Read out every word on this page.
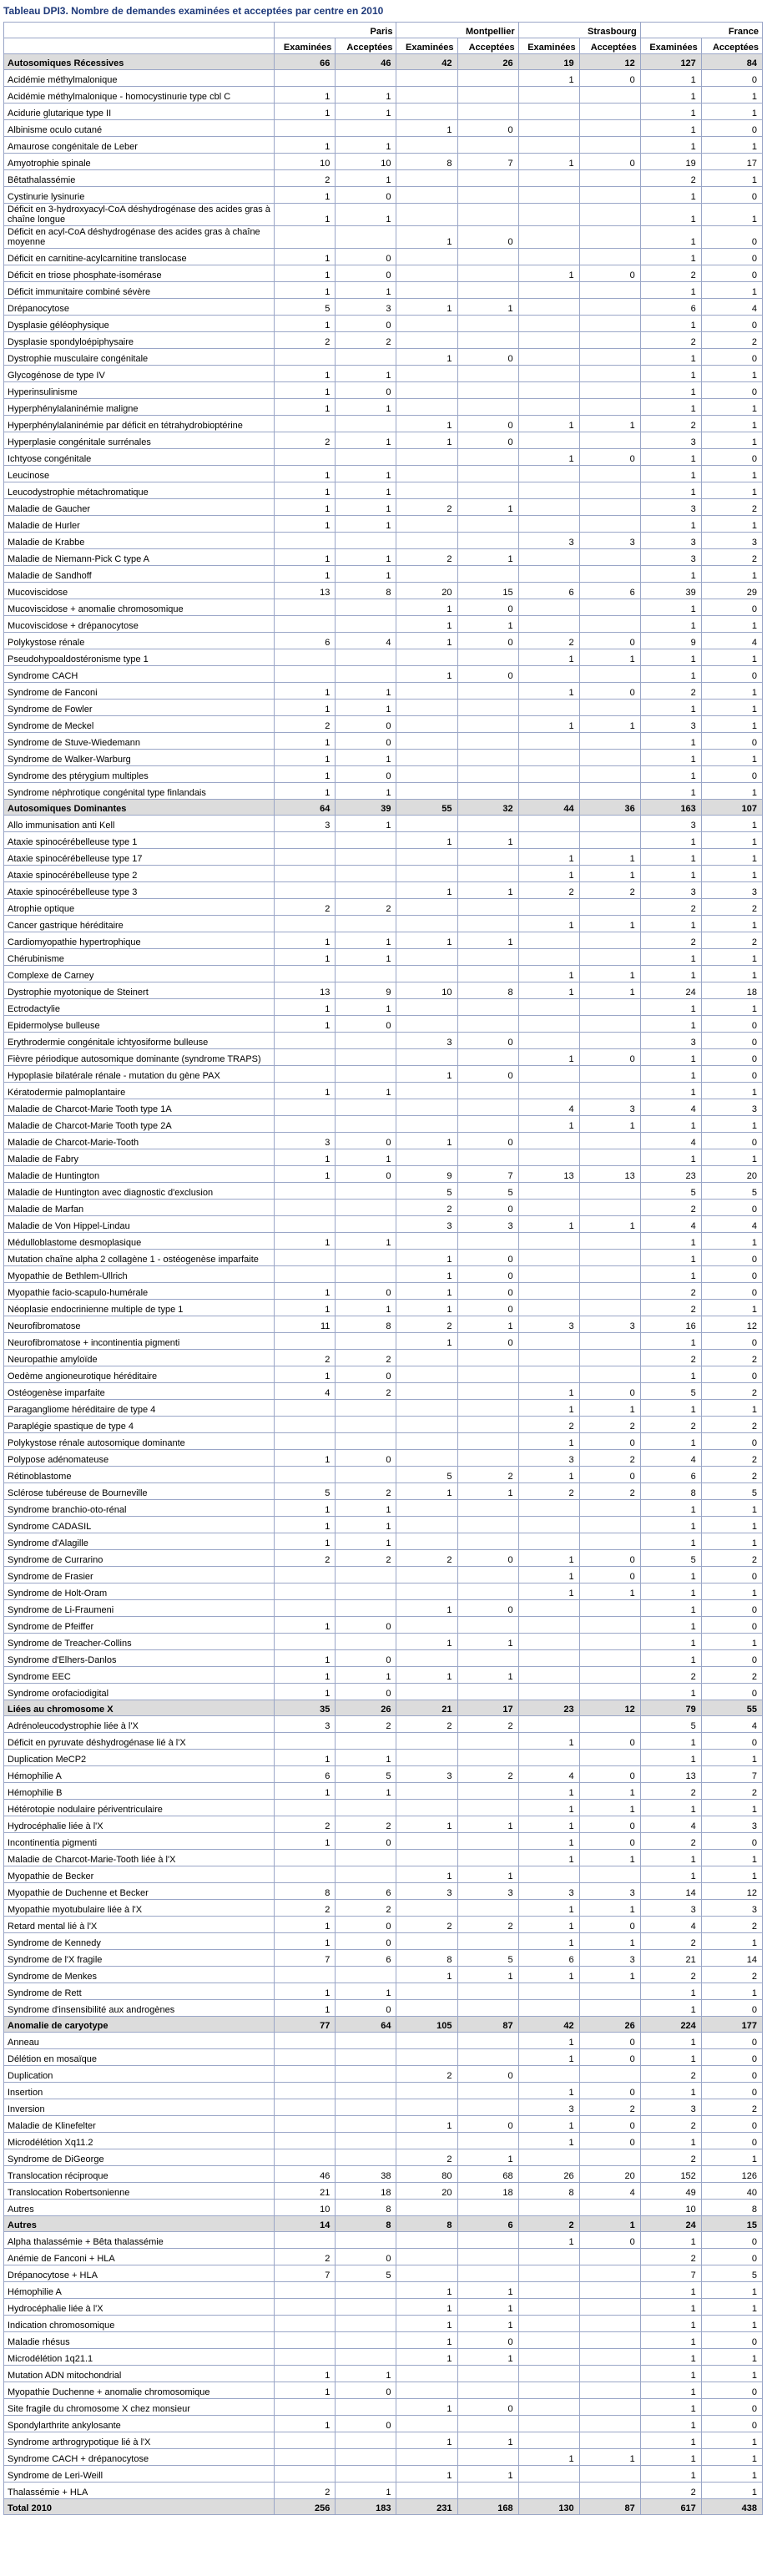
Tableau DPI3. Nombre de demandes examinées et acceptées par centre en 2010
	Paris		Montpellier		Strasbourg		France	
	Examinées	Acceptées	Examinées	Acceptées	Examinées	Acceptées	Examinées	Acceptées
Autosomiques Récessives	66	46	42	26	19	12	127	84
Acidémie méthylmalonique					1	0	1	0
Acidémie méthylmalonique - homocystinurie type cbl C	1	1					1	1
Acidurie glutarique type II	1	1					1	1
Albinisme oculo cutané			1	0			1	0
Amaurose congénitale de Leber	1	1					1	1
Amyotrophie spinale	10	10	8	7	1	0	19	17
Bêtathalassémie	2	1					2	1
Cystinurie lysinurie	1	0					1	0
Déficit en 3-hydroxyacyl-CoA déshydrogénase des acides gras à chaîne longue	1	1					1	1
Déficit en acyl-CoA déshydrogénase des acides gras à chaîne moyenne			1	0			1	0
Déficit en carnitine-acylcarnitine translocase	1	0					1	0
Déficit en triose phosphate-isomérase	1	0			1	0	2	0
Déficit immunitaire combiné sévère	1	1					1	1
Drépanocytose	5	3	1	1			6	4
Dysplasie géléophysique	1	0					1	0
Dysplasie spondyloépiphysaire	2	2					2	2
Dystrophie musculaire congénitale			1	0			1	0
Glycogénose de type IV	1	1					1	1
Hyperinsulinisme	1	0					1	0
Hyperphénylalaninémie maligne	1	1					1	1
Hyperphénylalaninémie par déficit en tétrahydrobioptérine			1	0	1	1	2	1
Hyperplasie congénitale surrénales	2	1	1	0			3	1
Ichtyose congénitale					1	0	1	0
Leucinose	1	1					1	1
Leucodystrophie métachromatique	1	1					1	1
Maladie de Gaucher	1	1	2	1			3	2
Maladie de Hurler	1	1					1	1
Maladie de Krabbe					3	3	3	3
Maladie de Niemann-Pick C type A	1	1	2	1			3	2
Maladie de Sandhoff	1	1					1	1
Mucoviscidose	13	8	20	15	6	6	39	29
Mucoviscidose + anomalie chromosomique			1	0			1	0
Mucoviscidose + drépanocytose			1	1			1	1
Polykystose rénale	6	4	1	0	2	0	9	4
Pseudohypoaldostéronisme type 1					1	1	1	1
Syndrome CACH			1	0			1	0
Syndrome de Fanconi	1	1			1	0	2	1
Syndrome de Fowler	1	1					1	1
Syndrome de Meckel	2	0			1	1	3	1
Syndrome de Stuve-Wiedemann	1	0					1	0
Syndrome de Walker-Warburg	1	1					1	1
Syndrome des ptérygium multiples	1	0					1	0
Syndrome néphrotique congénital type finlandais	1	1					1	1
Autosomiques Dominantes	64	39	55	32	44	36	163	107
Allo immunisation anti Kell	3	1					3	1
Ataxie spinocérébelleuse type 1			1	1			1	1
Ataxie spinocérébelleuse type 17					1	1	1	1
Ataxie spinocérébelleuse type 2					1	1	1	1
Ataxie spinocérébelleuse type 3			1	1	2	2	3	3
Atrophie optique	2	2					2	2
Cancer gastrique héréditaire					1	1	1	1
Cardiomyopathie hypertrophique	1	1	1	1			2	2
Chérubinisme	1	1					1	1
Complexe de Carney					1	1	1	1
Dystrophie myotonique de Steinert	13	9	10	8	1	1	24	18
Ectrodactylie	1	1					1	1
Epidermolyse bulleuse	1	0					1	0
Erythrodermie congénitale ichtyosiforme bulleuse			3	0			3	0
Fièvre périodique autosomique dominante (syndrome TRAPS)					1	0	1	0
Hypoplasie bilatérale rénale - mutation du gène PAX			1	0			1	0
Kératodermie palmoplantaire	1	1					1	1
Maladie de Charcot-Marie Tooth type 1A					4	3	4	3
Maladie de Charcot-Marie Tooth type 2A					1	1	1	1
Maladie de Charcot-Marie-Tooth	3	0	1	0			4	0
Maladie de Fabry	1	1					1	1
Maladie de Huntington	1	0	9	7	13	13	23	20
Maladie de Huntington avec diagnostic d'exclusion			5	5			5	5
Maladie de Marfan			2	0			2	0
Maladie de Von Hippel-Lindau			3	3	1	1	4	4
Médulloblastome desmoplasique	1	1					1	1
Mutation chaîne alpha 2 collagène 1 - ostéogenèse imparfaite			1	0			1	0
Myopathie de Bethlem-Ullrich			1	0			1	0
Myopathie facio-scapulo-humérale	1	0	1	0			2	0
Néoplasie endocrinienne multiple de type 1	1	1	1	0			2	1
Neurofibromatose	11	8	2	1	3	3	16	12
Neurofibromatose + incontinentia pigmenti			1	0			1	0
Neuropathie amyloïde	2	2					2	2
Oedème angioneurotique héréditaire	1	0					1	0
Ostéogenèse imparfaite	4	2			1	0	5	2
Paragangliome héréditaire de type 4					1	1	1	1
Paraplégie spastique de type 4					2	2	2	2
Polykystose rénale autosomique dominante					1	0	1	0
Polypose adénomateuse	1	0			3	2	4	2
Rétinoblastome			5	2	1	0	6	2
Sclérose tubéreuse de Bourneville	5	2	1	1	2	2	8	5
Syndrome branchio-oto-rénal	1	1					1	1
Syndrome CADASIL	1	1					1	1
Syndrome d'Alagille	1	1					1	1
Syndrome de Currarino	2	2	2	0	1	0	5	2
Syndrome de Frasier					1	0	1	0
Syndrome de Holt-Oram					1	1	1	1
Syndrome de Li-Fraumeni			1	0			1	0
Syndrome de Pfeiffer	1	0					1	0
Syndrome de Treacher-Collins			1	1			1	1
Syndrome d'Elhers-Danlos	1	0					1	0
Syndrome EEC	1	1	1	1			2	2
Syndrome orofaciodigital	1	0					1	0
Liées au chromosome X	35	26	21	17	23	12	79	55
Adrénoleucodystrophie liée à l'X	3	2	2	2			5	4
Déficit en pyruvate déshydrogénase lié à l'X					1	0	1	0
Duplication MeCP2	1	1					1	1
Hémophilie A	6	5	3	2	4	0	13	7
Hémophilie B	1	1			1	1	2	2
Hétérotopie nodulaire périventriculaire					1	1	1	1
Hydrocéphalie liée à l'X	2	2	1	1	1	0	4	3
Incontinentia pigmenti	1	0			1	0	2	0
Maladie de Charcot-Marie-Tooth liée à l'X					1	1	1	1
Myopathie de Becker			1	1			1	1
Myopathie de Duchenne et Becker	8	6	3	3	3	3	14	12
Myopathie myotubulaire liée à l'X	2	2			1	1	3	3
Retard mental lié à l'X	1	0	2	2	1	0	4	2
Syndrome de Kennedy	1	0			1	1	2	1
Syndrome de l'X fragile	7	6	8	5	6	3	21	14
Syndrome de Menkes			1	1	1	1	2	2
Syndrome de Rett	1	1					1	1
Syndrome d'insensibilité aux androgènes	1	0					1	0
Anomalie de caryotype	77	64	105	87	42	26	224	177
Anneau					1	0	1	0
Délétion en mosaïque					1	0	1	0
Duplication			2	0			2	0
Insertion					1	0	1	0
Inversion					3	2	3	2
Maladie de Klinefelter			1	0	1	0	2	0
Microdélétion Xq11.2					1	0	1	0
Syndrome de DiGeorge			2	1			2	1
Translocation réciproque	46	38	80	68	26	20	152	126
Translocation Robertsonienne	21	18	20	18	8	4	49	40
Autres	10	8					10	8
Autres	14	8	8	6	2	1	24	15
Alpha thalassémie + Bêta thalassémie					1	0	1	0
Anémie de Fanconi + HLA	2	0					2	0
Drépanocytose + HLA	7	5					7	5
Hémophilie A			1	1			1	1
Hydrocéphalie liée à l'X			1	1			1	1
Indication chromosomique			1	1			1	1
Maladie rhésus			1	0			1	0
Microdélétion 1q21.1			1	1			1	1
Mutation ADN mitochondrial	1	1					1	1
Myopathie Duchenne + anomalie chromosomique	1	0					1	0
Site fragile du chromosome X chez monsieur			1	0			1	0
Spondylarthrite ankylosante	1	0					1	0
Syndrome arthrogrypotique lié à l'X			1	1			1	1
Syndrome CACH + drépanocytose					1	1	1	1
Syndrome de Leri-Weill			1	1			1	1
Thalassémie + HLA	2	1					2	1
Total 2010	256	183	231	168	130	87	617	438
